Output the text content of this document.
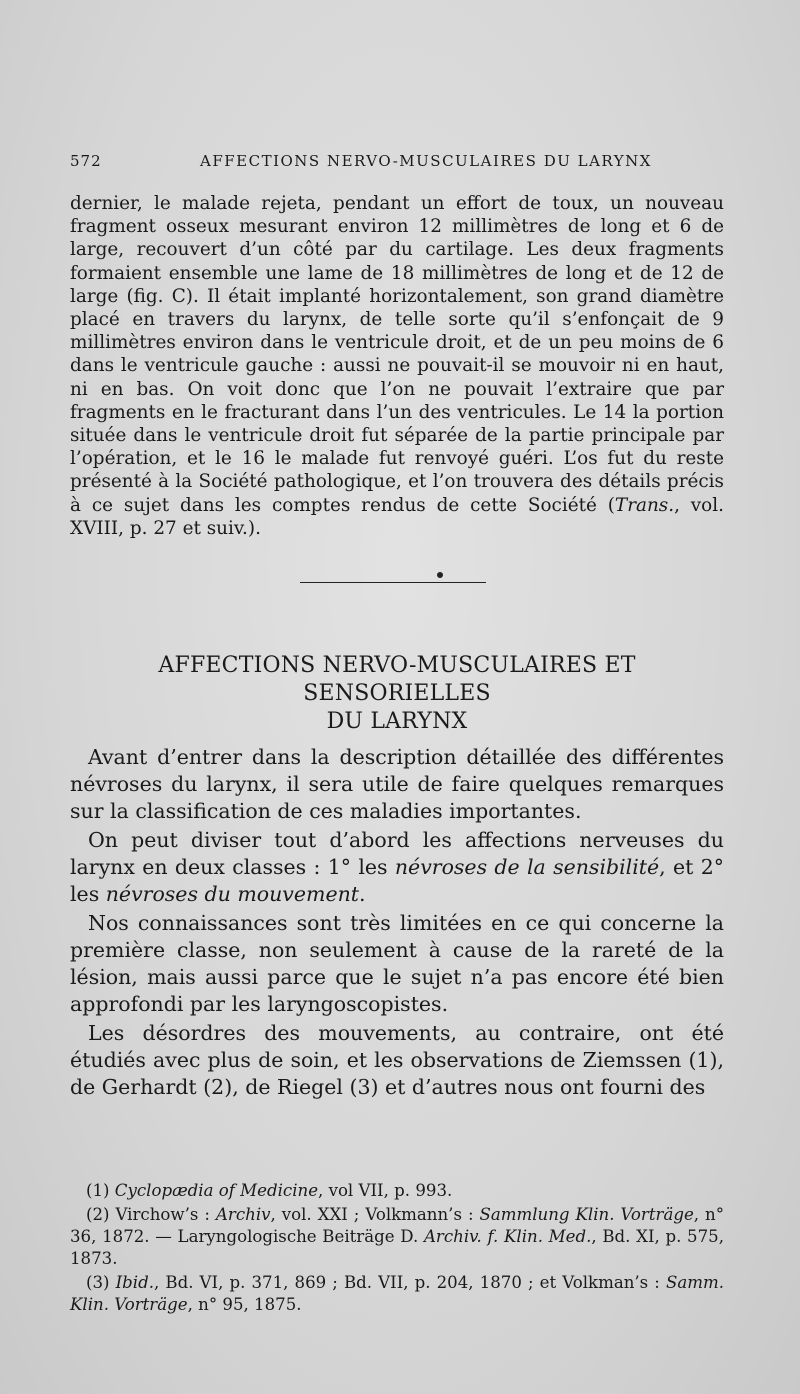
572	AFFECTIONS NERVO-MUSCULAIRES DU LARYNX

dernier, le malade rejeta, pendant un effort de toux, un nouveau fragment osseux mesurant environ 12 millimètres de long et 6 de large, recouvert d’un côté par du cartilage. Les deux fragments formaient ensemble une lame de 18 millimètres de long et de 12 de large (fig. C). Il était implanté horizontalement, son grand diamètre placé en travers du larynx, de telle sorte qu’il s’enfonçait de 9 millimètres environ dans le ventricule droit, et de un peu moins de 6 dans le ventricule gauche : aussi ne pouvait-il se mouvoir ni en haut, ni en bas. On voit donc que l’on ne pouvait l’extraire que par fragments en le fracturant dans l’un des ventricules. Le 14 la portion située dans le ventricule droit fut séparée de la partie principale par l’opération, et le 16 le malade fut renvoyé guéri. L’os fut du reste présenté à la Société pathologique, et l’on trouvera des détails précis à ce sujet dans les comptes rendus de cette Société (Trans., vol. XVIII, p. 27 et suiv.).

AFFECTIONS NERVO-MUSCULAIRES ET SENSORIELLES
DU LARYNX

Avant d’entrer dans la description détaillée des différentes névroses du larynx, il sera utile de faire quelques remarques sur la classification de ces maladies importantes.

On peut diviser tout d’abord les affections nerveuses du larynx en deux classes : 1° les névroses de la sensibilité, et 2° les névroses du mouvement.

Nos connaissances sont très limitées en ce qui concerne la première classe, non seulement à cause de la rareté de la lésion, mais aussi parce que le sujet n’a pas encore été bien approfondi par les laryngoscopistes.

Les désordres des mouvements, au contraire, ont été étudiés avec plus de soin, et les observations de Ziemssen (1), de Gerhardt (2), de Riegel (3) et d’autres nous ont fourni des

(1) Cyclopædia of Medicine, vol VII, p. 993.

(2) Virchow’s : Archiv, vol. XXI ; Volkmann’s : Sammlung Klin. Vorträge, n° 36, 1872. — Laryngologische Beiträge D. Archiv. f. Klin. Med., Bd. XI, p. 575, 1873.

(3) Ibid., Bd. VI, p. 371, 869 ; Bd. VII, p. 204, 1870 ; et Volkman’s : Samm. Klin. Vorträge, n° 95, 1875.
